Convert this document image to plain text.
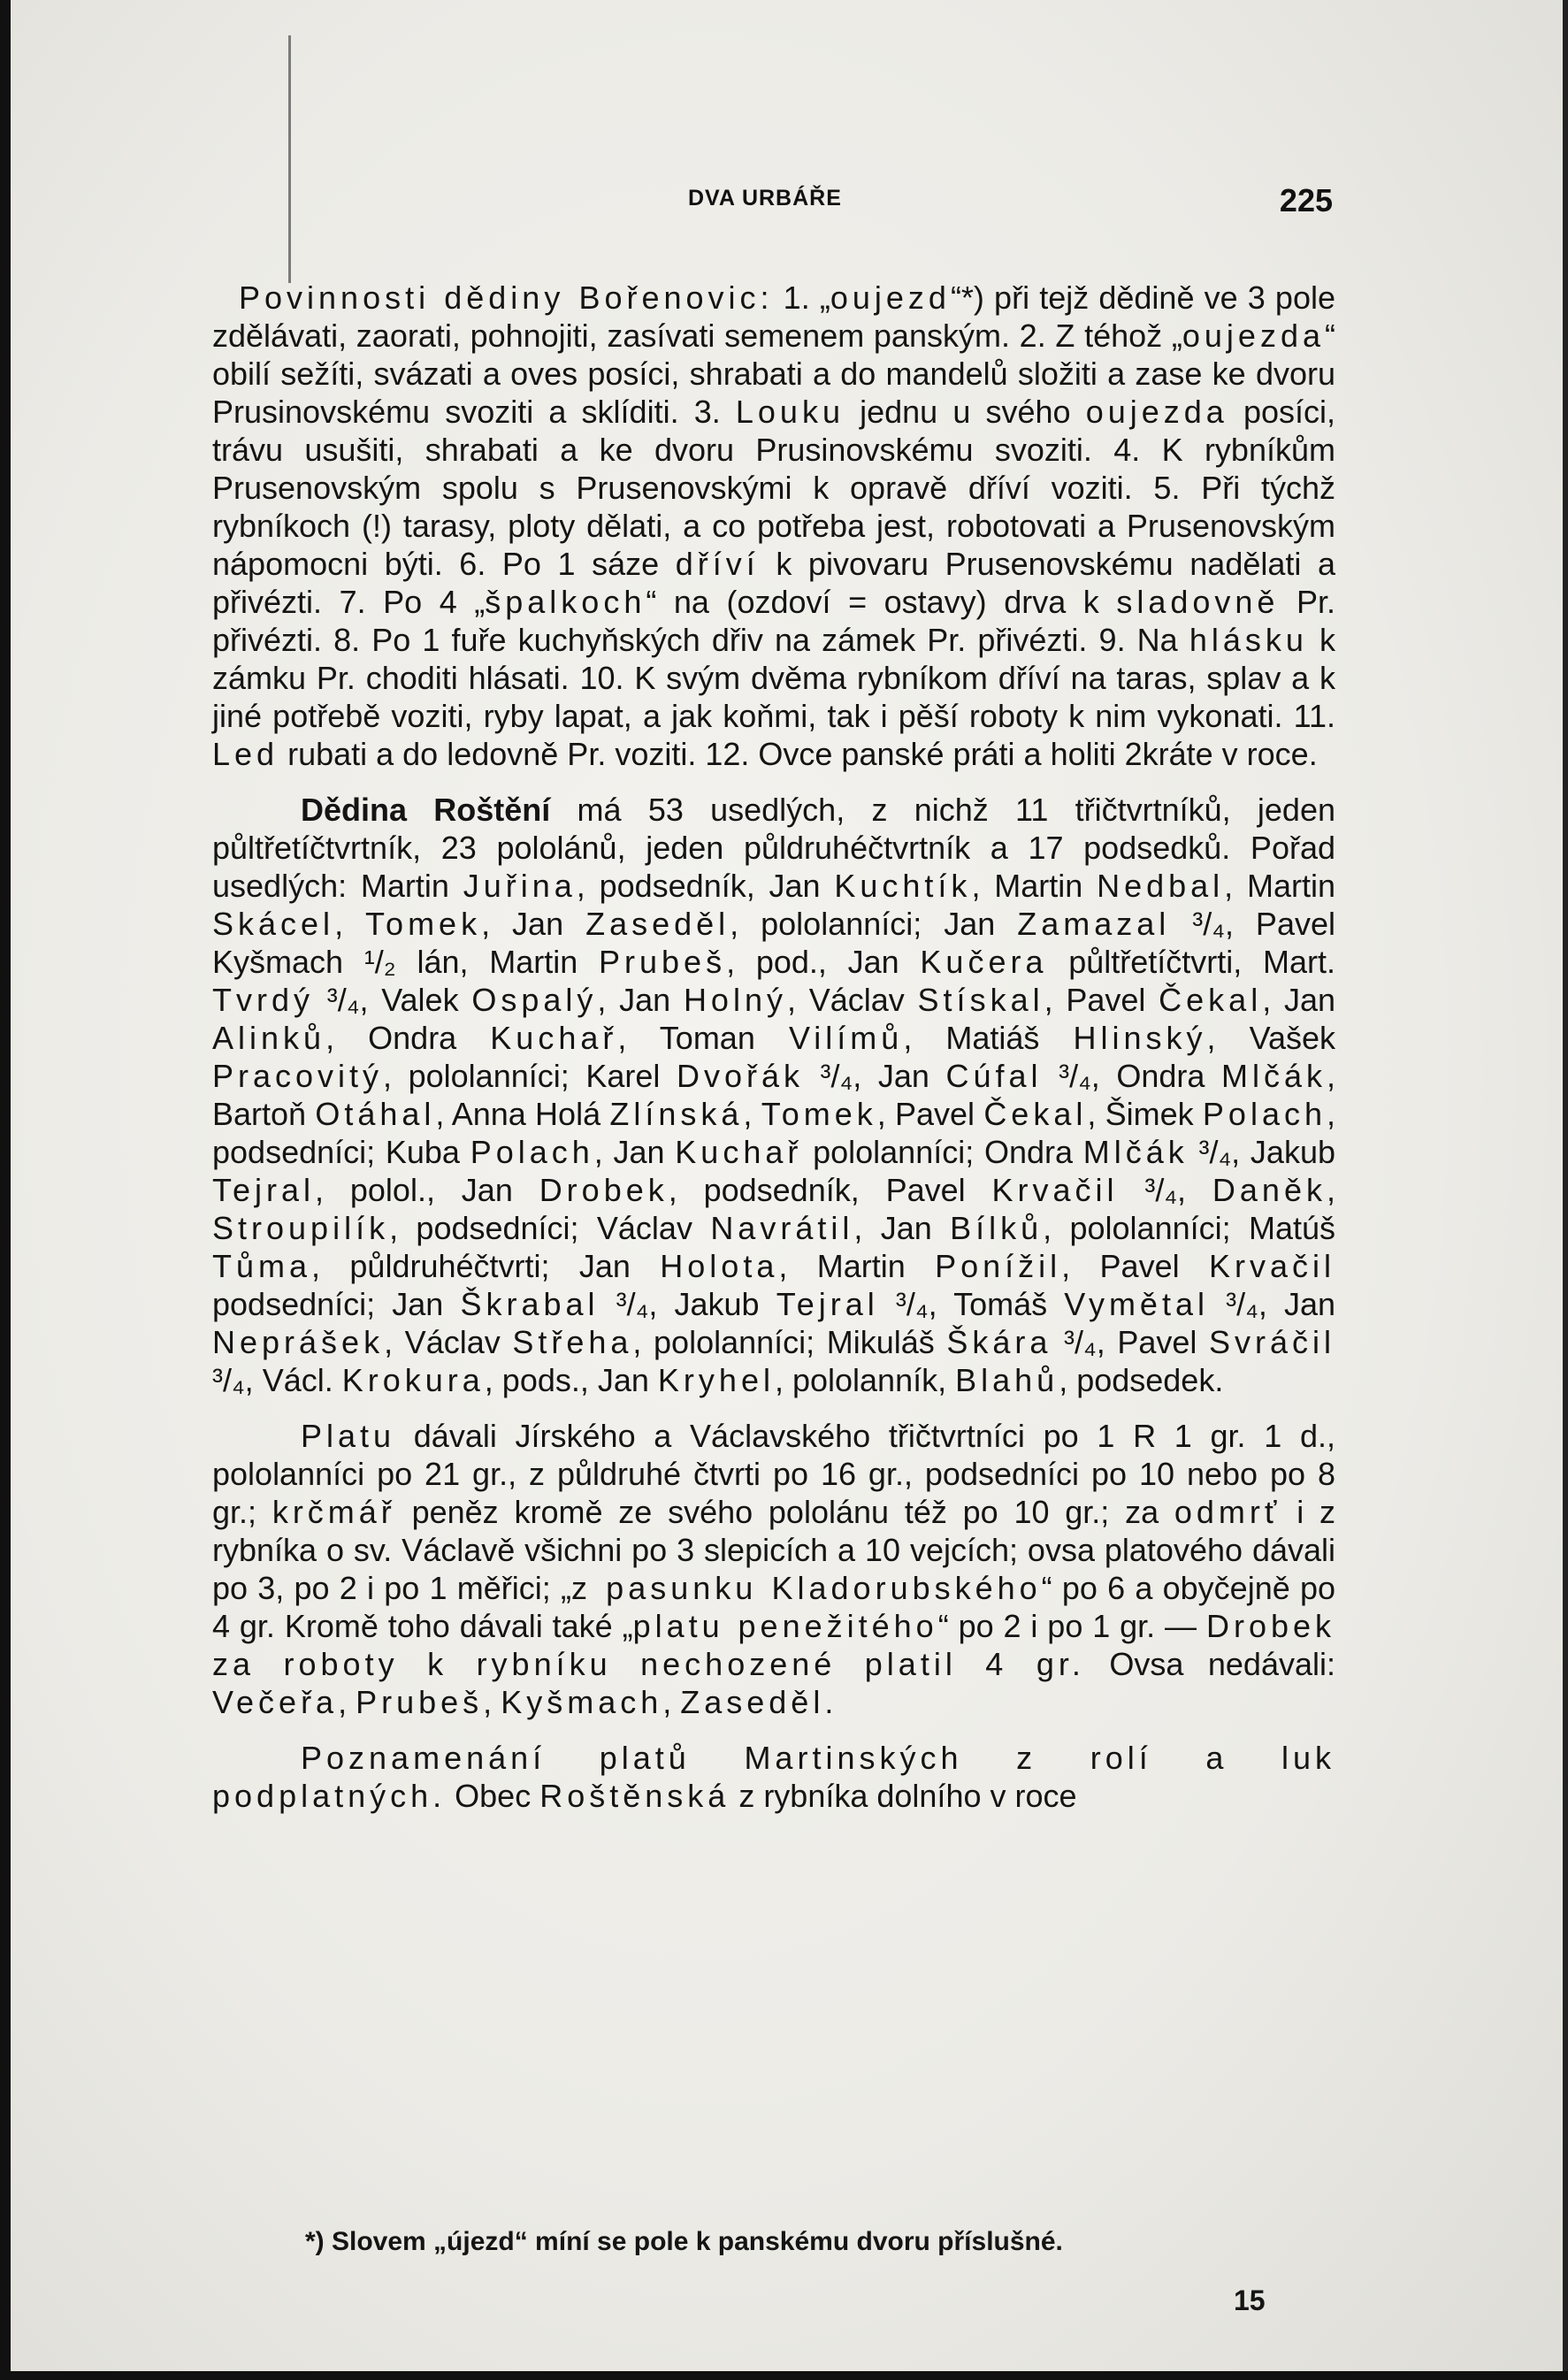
DVA URBÁŘE	225

Povinnosti dědiny Bořenovic: 1. „oujezd“*) při tejž dědině ve 3 pole zdělávati, zaorati, pohnojiti, zasívati semenem panským. 2. Z téhož „oujezda“ obilí sežíti, svázati a oves posíci, shrabati a do mandelů složiti a zase ke dvoru Prusinovskému svoziti a sklíditi. 3. Louku jednu u svého oujezda posíci, trávu usušiti, shrabati a ke dvoru Prusinovskému svoziti. 4. K rybníkům Prusenovským spolu s Prusenovskými k opravě dříví voziti. 5. Při týchž rybníkoch (!) tarasy, ploty dělati, a co potřeba jest, robotovati a Prusenovským nápomocni býti. 6. Po 1 sáze dříví k pivovaru Prusenovskému nadělati a přivézti. 7. Po 4 „špalkoch“ na (ozdoví = ostavy) drva k sladovně Pr. přivézti. 8. Po 1 fuře kuchyňských dřiv na zámek Pr. přivézti. 9. Na hlásku k zámku Pr. choditi hlásati. 10. K svým dvěma rybníkom dříví na taras, splav a k jiné potřebě voziti, ryby lapat, a jak koňmi, tak i pěší roboty k nim vykonati. 11. Led rubati a do ledovně Pr. voziti. 12. Ovce panské práti a holiti 2kráte v roce.

Dědina Roštění má 53 usedlých, z nichž 11 třičtvrtníků, jeden půltřetíčtvrtník, 23 pololánů, jeden půldruhéčtvrtník a 17 podsedků. Pořad usedlých: Martin Juřina, podsedník, Jan Kuchtík, Martin Nedbal, Martin Skácel, Tomek, Jan Zaseděl, pololanníci; Jan Zamazal ³/₄, Pavel Kyšmach ¹/₂ lán, Martin Prubeš, pod., Jan Kučera půltřetíčtvrti, Mart. Tvrdý ³/₄, Valek Ospalý, Jan Holný, Václav Stískal, Pavel Čekal, Jan Alinků, Ondra Kuchař, Toman Vilímů, Matiáš Hlinský, Vašek Pracovitý, pololanníci; Karel Dvořák ³/₄, Jan Cúfal ³/₄, Ondra Mlčák, Bartoň Otáhal, Anna Holá Zlínská, Tomek, Pavel Čekal, Šimek Polach, podsedníci; Kuba Polach, Jan Kuchař pololanníci; Ondra Mlčák ³/₄, Jakub Tejral, polol., Jan Drobek, podsedník, Pavel Krvačil ³/₄, Daněk, Stroupilík, podsedníci; Václav Navrátil, Jan Bílků, pololanníci; Matúš Tůma, půldruhéčtvrti; Jan Holota, Martin Ponížil, Pavel Krvačil podsedníci; Jan Škrabal ³/₄, Jakub Tejral ³/₄, Tomáš Vymětal ³/₄, Jan Neprášek, Václav Střeha, pololanníci; Mikuláš Škára ³/₄, Pavel Svráčil ³/₄, Václ. Krokura, pods., Jan Kryhel, pololanník, Blahů, podsedek.

Platu dávali Jírského a Václavského třičtvrtníci po 1 R 1 gr. 1 d., pololanníci po 21 gr., z půldruhé čtvrti po 16 gr., podsedníci po 10 nebo po 8 gr.; krčmář peněz kromě ze svého pololánu též po 10 gr.; za odmrť i z rybníka o sv. Václavě všichni po 3 slepicích a 10 vejcích; ovsa platového dávali po 3, po 2 i po 1 měřici; „z pasunku Kladorubského“ po 6 a obyčejně po 4 gr. Kromě toho dávali také „platu penežitého“ po 2 i po 1 gr. — Drobek za roboty k rybníku nechozené platil 4 gr. Ovsa nedávali: Večeřa, Prubeš, Kyšmach, Zaseděl.

Poznamenání platů Martinských z rolí a luk podplatných. Obec Roštěnská z rybníka dolního v roce

*) Slovem „újezd“ míní se pole k panskému dvoru příslušné.
15
